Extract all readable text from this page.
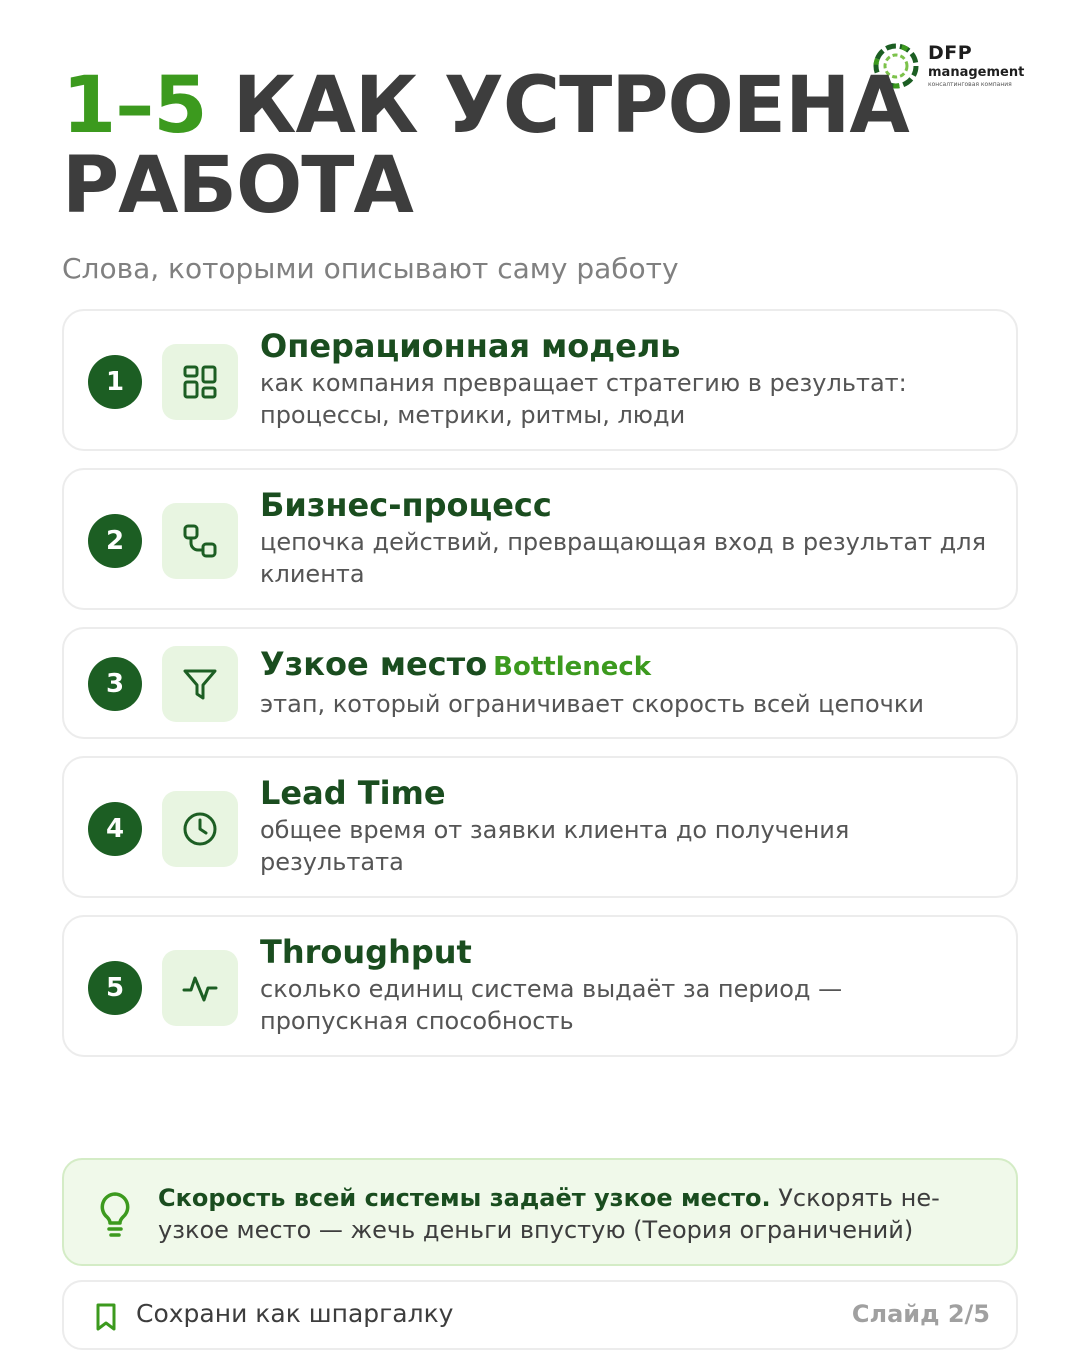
DFP
management
консалтинговая компания
1–5 КАК УСТРОЕНА РАБОТА
Слова, которыми описывают саму работу
1
Операционная модель
как компания превращает стратегию в результат: процессы, метрики, ритмы, люди
2
Бизнес-процесс
цепочка действий, превращающая вход в результат для клиента
3
Узкое место Bottleneck
этап, который ограничивает скорость всей цепочки
4
Lead Time
общее время от заявки клиента до получения результата
5
Throughput
сколько единиц система выдаёт за период — пропускная способность
Скорость всей системы задаёт узкое место. Ускорять не-узкое место — жечь деньги впустую (Теория ограничений)
Сохрани как шпаргалку	Слайд 2/5
